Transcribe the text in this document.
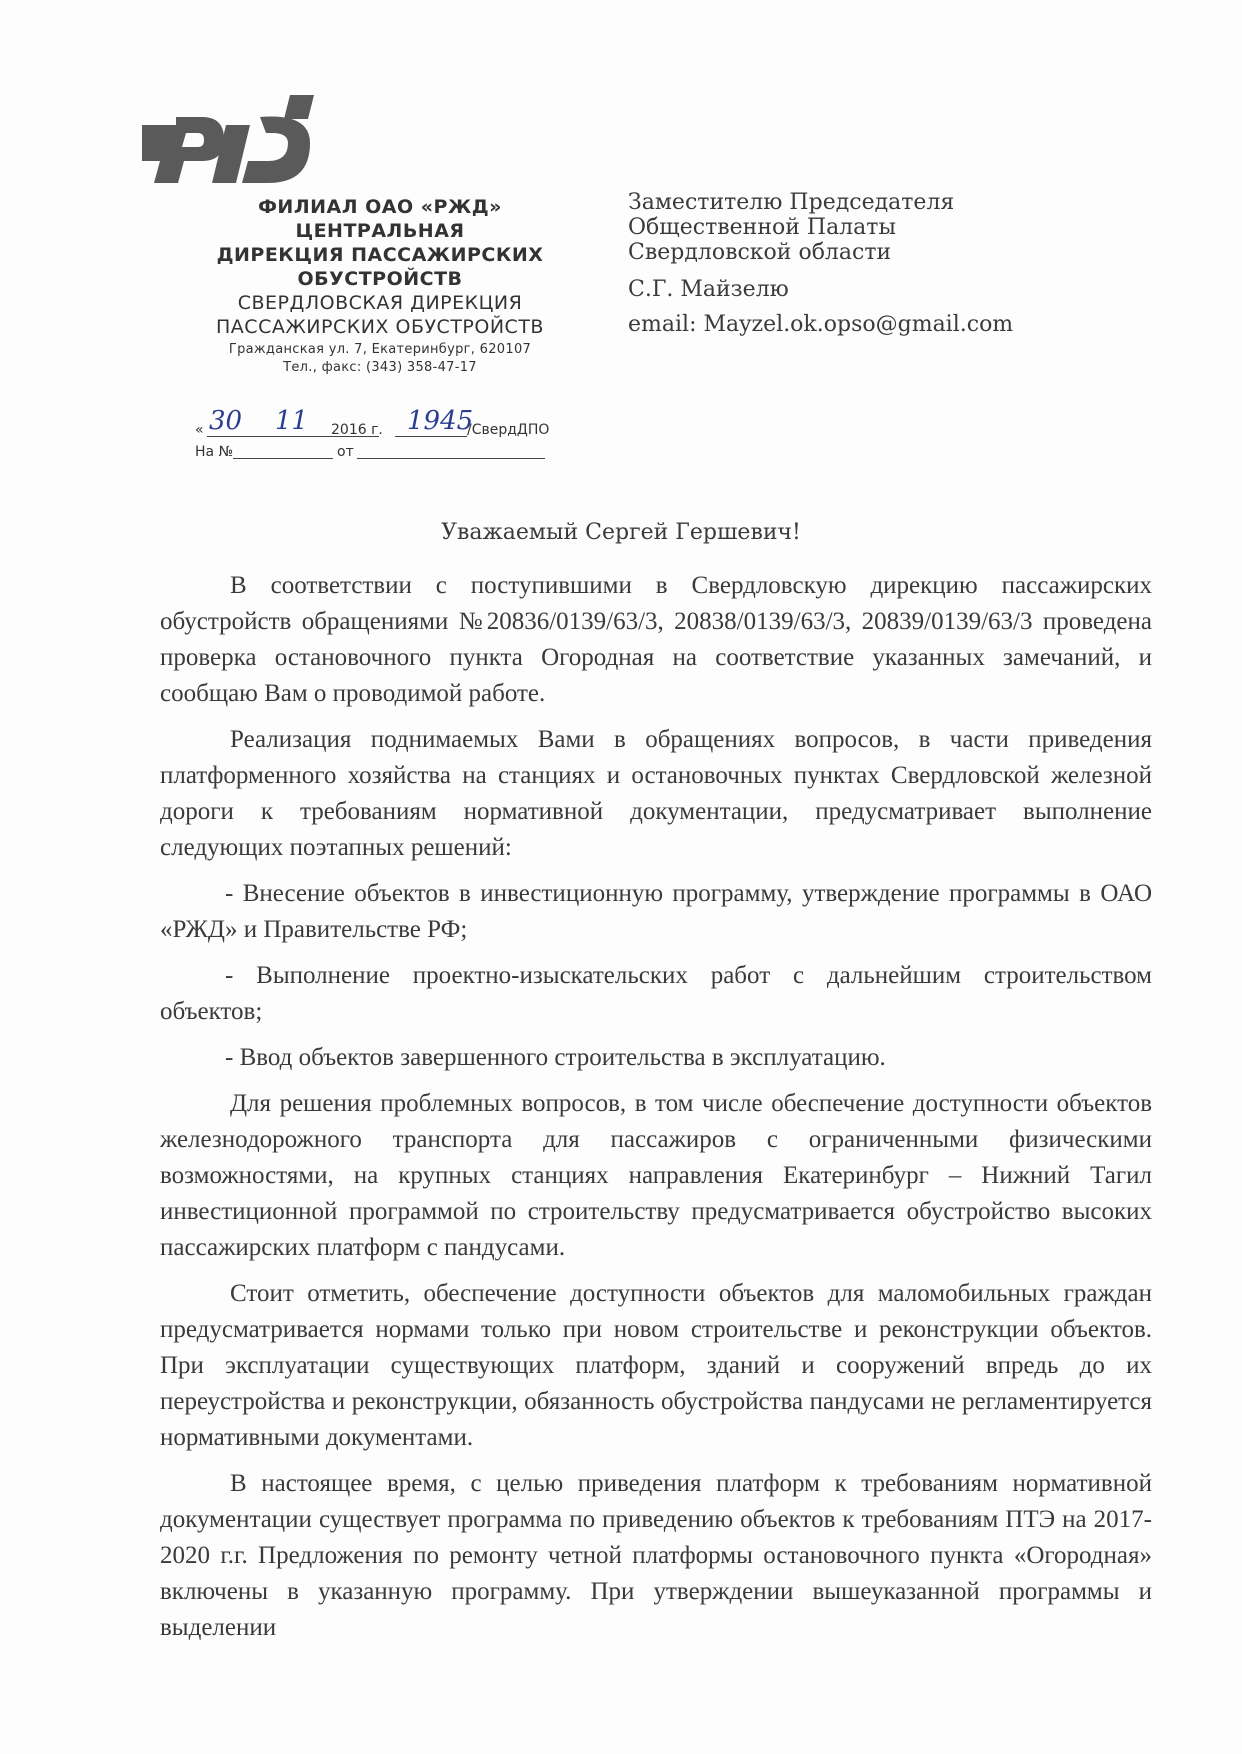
ФИЛИАЛ ОАО «РЖД»
ЦЕНТРАЛЬНАЯ
ДИРЕКЦИЯ ПАССАЖИРСКИХ
ОБУСТРОЙСТВ
СВЕРДЛОВСКАЯ ДИРЕКЦИЯ
ПАССАЖИРСКИХ ОБУСТРОЙСТВ
Гражданская ул. 7, Екатеринбург, 620107
Тел., факс: (343) 358-47-17
« 30 11 2016 г. 1945
/СвердДПО
На №	от
Заместителю Председателя
Общественной Палаты
Свердловской области
С.Г. Майзелю
email: Mayzel.ok.opso@gmail.com
Уважаемый Сергей Гершевич!

В соответствии с поступившими в Свердловскую дирекцию пассажирских обустройств обращениями №20836/0139/63/3, 20838/0139/63/3, 20839/0139/63/3 проведена проверка остановочного пункта Огородная на соответствие указанных замечаний, и сообщаю Вам о проводимой работе.

Реализация поднимаемых Вами в обращениях вопросов, в части приведения платформенного хозяйства на станциях и остановочных пунктах Свердловской железной дороги к требованиям нормативной документации, предусматривает выполнение следующих поэтапных решений:

- Внесение объектов в инвестиционную программу, утверждение программы в ОАО «РЖД» и Правительстве РФ;

- Выполнение проектно-изыскательских работ с дальнейшим строительством объектов;

- Ввод объектов завершенного строительства в эксплуатацию.

Для решения проблемных вопросов, в том числе обеспечение доступности объектов железнодорожного транспорта для пассажиров с ограниченными физическими возможностями, на крупных станциях направления Екатеринбург – Нижний Тагил инвестиционной программой по строительству предусматривается обустройство высоких пассажирских платформ с пандусами.

Стоит отметить, обеспечение доступности объектов для маломобильных граждан предусматривается нормами только при новом строительстве и реконструкции объектов. При эксплуатации существующих платформ, зданий и сооружений впредь до их переустройства и реконструкции, обязанность обустройства пандусами не регламентируется нормативными документами.

В настоящее время, с целью приведения платформ к требованиям нормативной документации существует программа по приведению объектов к требованиям ПТЭ на 2017-2020 г.г. Предложения по ремонту четной платформы остановочного пункта «Огородная» включены в указанную программу. При утверждении вышеуказанной программы и выделении
